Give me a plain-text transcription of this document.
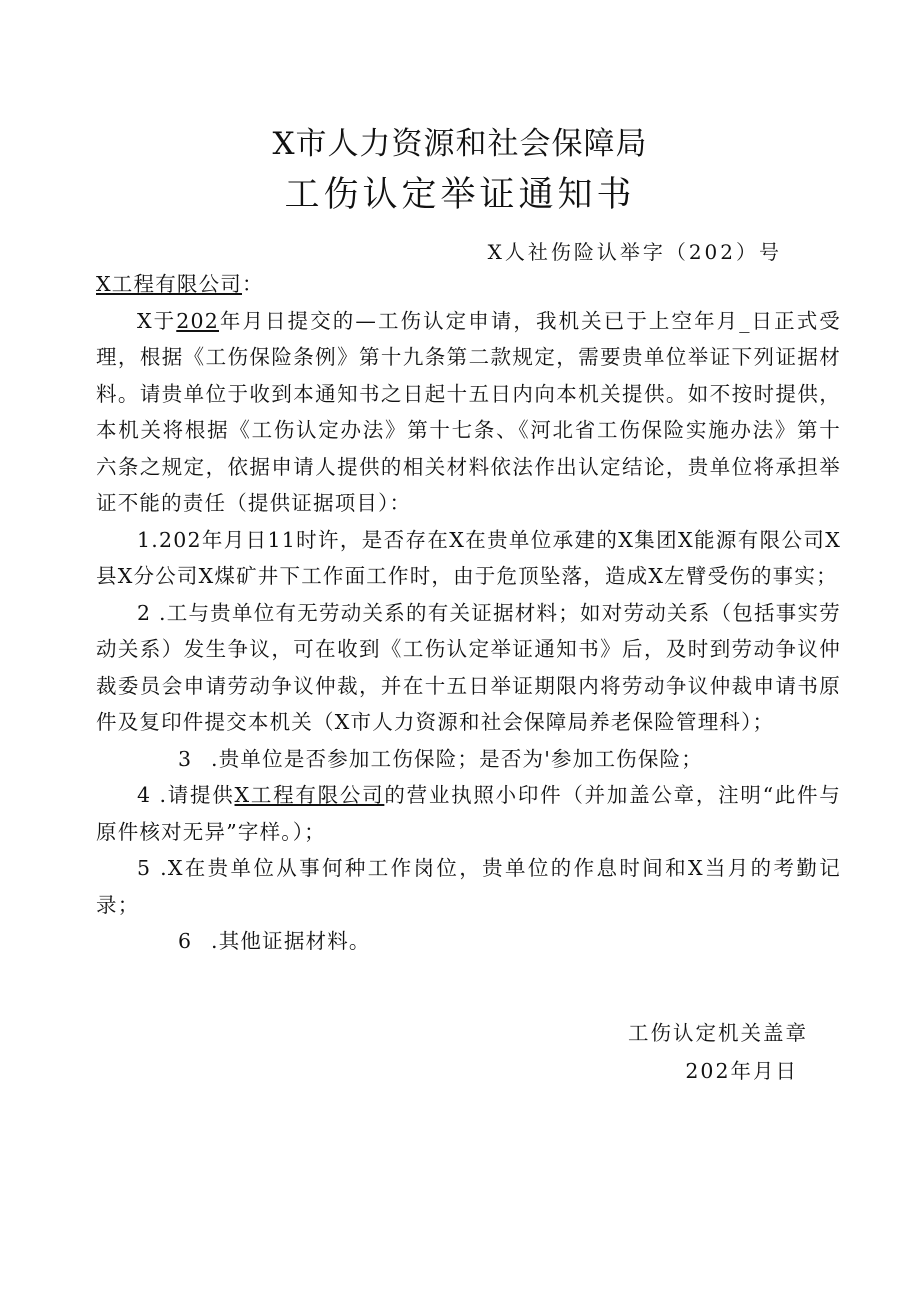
X市人力资源和社会保障局
工伤认定举证通知书
X人社伤险认举字（202）号
X工程有限公司：

X于202年月日提交的—工伤认定申请，我机关已于上空年月_日正式受理，根据《工伤保险条例》第十九条第二款规定，需要贵单位举证下列证据材料。请贵单位于收到本通知书之日起十五日内向本机关提供。如不按时提供，本机关将根据《工伤认定办法》第十七条、《河北省工伤保险实施办法》第十六条之规定，依据申请人提供的相关材料依法作出认定结论，贵单位将承担举证不能的责任（提供证据项目）：

1.202年月日11时许，是否存在X在贵单位承建的X集团X能源有限公司X县X分公司X煤矿井下工作面工作时，由于危顶坠落，造成X左臂受伤的事实；

2 .工与贵单位有无劳动关系的有关证据材料；如对劳动关系（包括事实劳动关系）发生争议，可在收到《工伤认定举证通知书》后，及时到劳动争议仲裁委员会申请劳动争议仲裁，并在十五日举证期限内将劳动争议仲裁申请书原件及复印件提交本机关（X市人力资源和社会保障局养老保险管理科）；

3 .贵单位是否参加工伤保险；是否为'参加工伤保险；

4 .请提供X工程有限公司的营业执照小印件（并加盖公章，注明“此件与原件核对无异”字样。）；

5 .X在贵单位从事何种工作岗位，贵单位的作息时间和X当月的考勤记录；

6 .其他证据材料。

工伤认定机关盖章
202年月日
